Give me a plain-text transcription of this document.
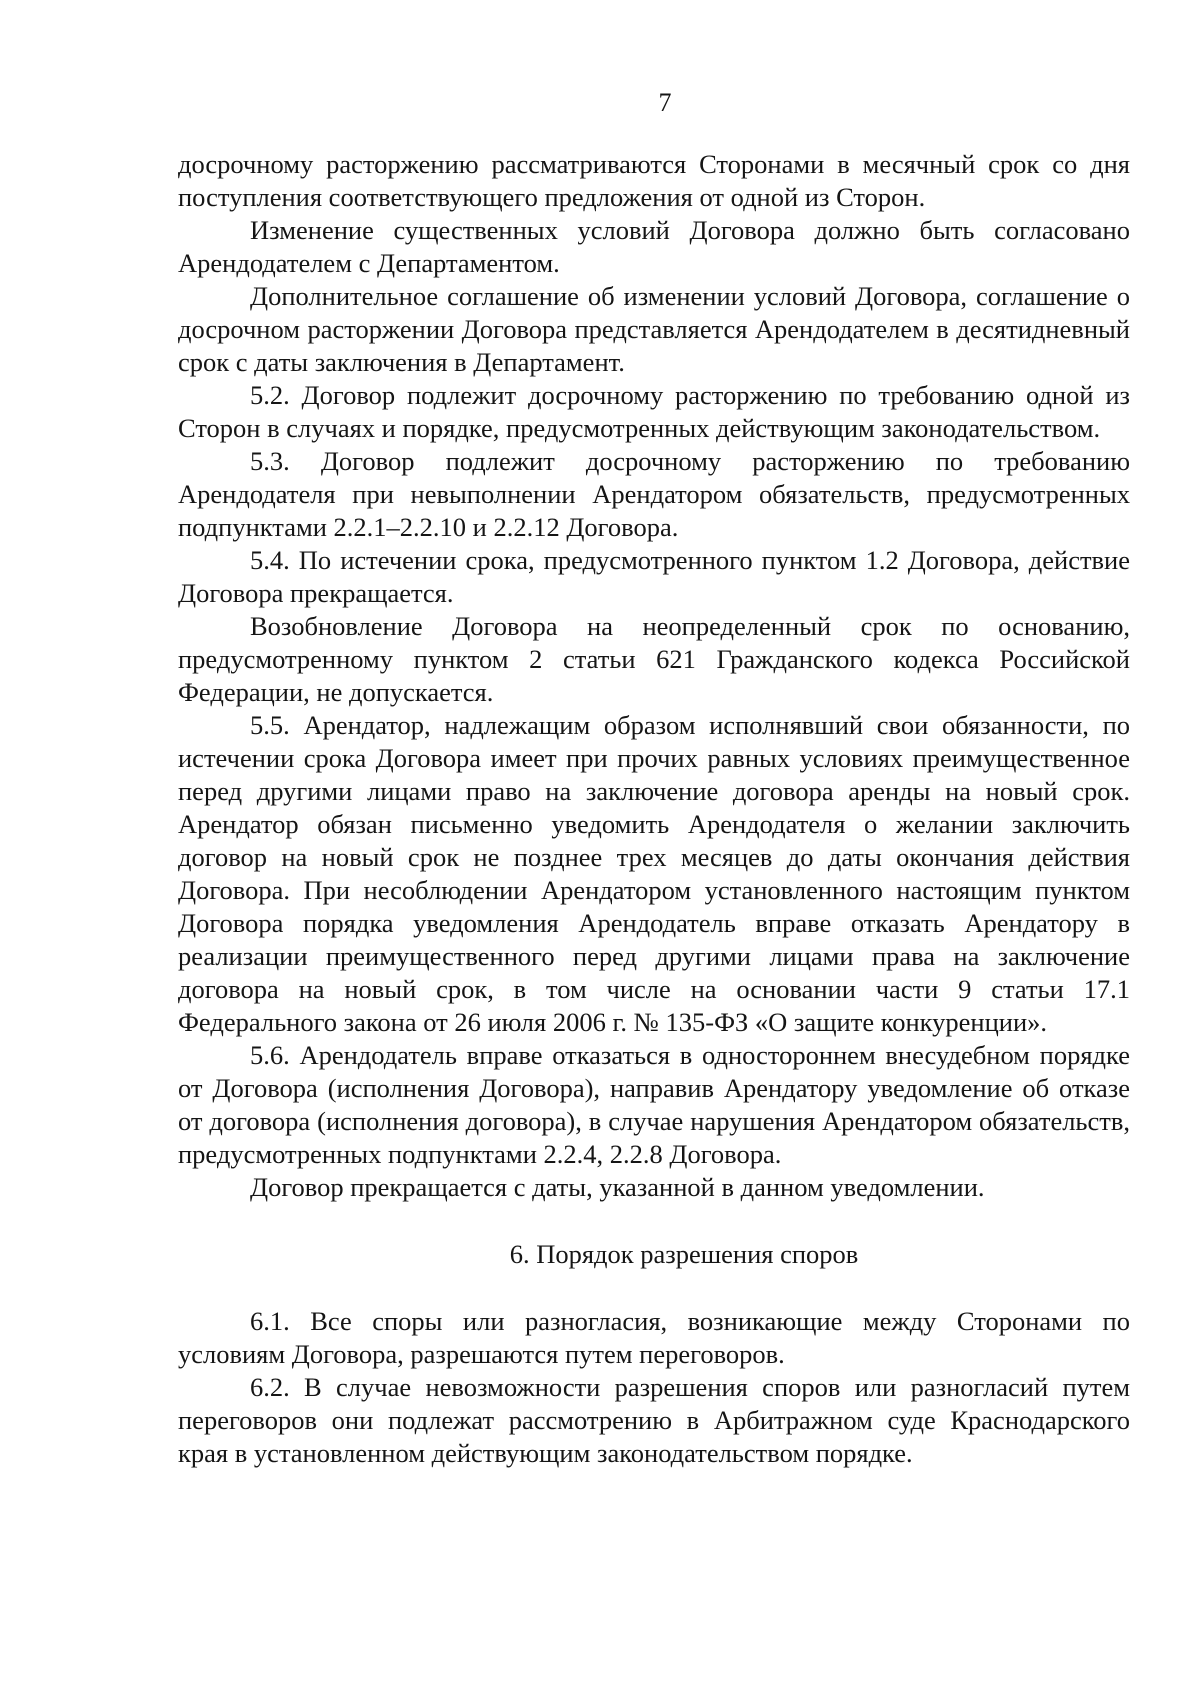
7

досрочному расторжению рассматриваются Сторонами в месячный срок со дня поступления соответствующего предложения от одной из Сторон.

Изменение существенных условий Договора должно быть согласовано Арендодателем с Департаментом.

Дополнительное соглашение об изменении условий Договора, соглашение о досрочном расторжении Договора представляется Арендодателем в десятидневный срок с даты заключения в Департамент.

5.2. Договор подлежит досрочному расторжению по требованию одной из Сторон в случаях и порядке, предусмотренных действующим законодательством.

5.3. Договор подлежит досрочному расторжению по требованию Арендодателя при невыполнении Арендатором обязательств, предусмотренных подпунктами 2.2.1–2.2.10 и 2.2.12 Договора.

5.4. По истечении срока, предусмотренного пунктом 1.2 Договора, действие Договора прекращается.

Возобновление Договора на неопределенный срок по основанию, предусмотренному пунктом 2 статьи 621 Гражданского кодекса Российской Федерации, не допускается.

5.5. Арендатор, надлежащим образом исполнявший свои обязанности, по истечении срока Договора имеет при прочих равных условиях преимущественное перед другими лицами право на заключение договора аренды на новый срок. Арендатор обязан письменно уведомить Арендодателя о желании заключить договор на новый срок не позднее трех месяцев до даты окончания действия Договора. При несоблюдении Арендатором установленного настоящим пунктом Договора порядка уведомления Арендодатель вправе отказать Арендатору в реализации преимущественного перед другими лицами права на заключение договора на новый срок, в том числе на основании части 9 статьи 17.1 Федерального закона от 26 июля 2006 г. № 135-ФЗ «О защите конкуренции».

5.6. Арендодатель вправе отказаться в одностороннем внесудебном порядке от Договора (исполнения Договора), направив Арендатору уведомление об отказе от договора (исполнения договора), в случае нарушения Арендатором обязательств, предусмотренных подпунктами 2.2.4, 2.2.8 Договора.

Договор прекращается с даты, указанной в данном уведомлении.

6. Порядок разрешения споров

6.1. Все споры или разногласия, возникающие между Сторонами по условиям Договора, разрешаются путем переговоров.

6.2. В случае невозможности разрешения споров или разногласий путем переговоров они подлежат рассмотрению в Арбитражном суде Краснодарского края в установленном действующим законодательством порядке.
